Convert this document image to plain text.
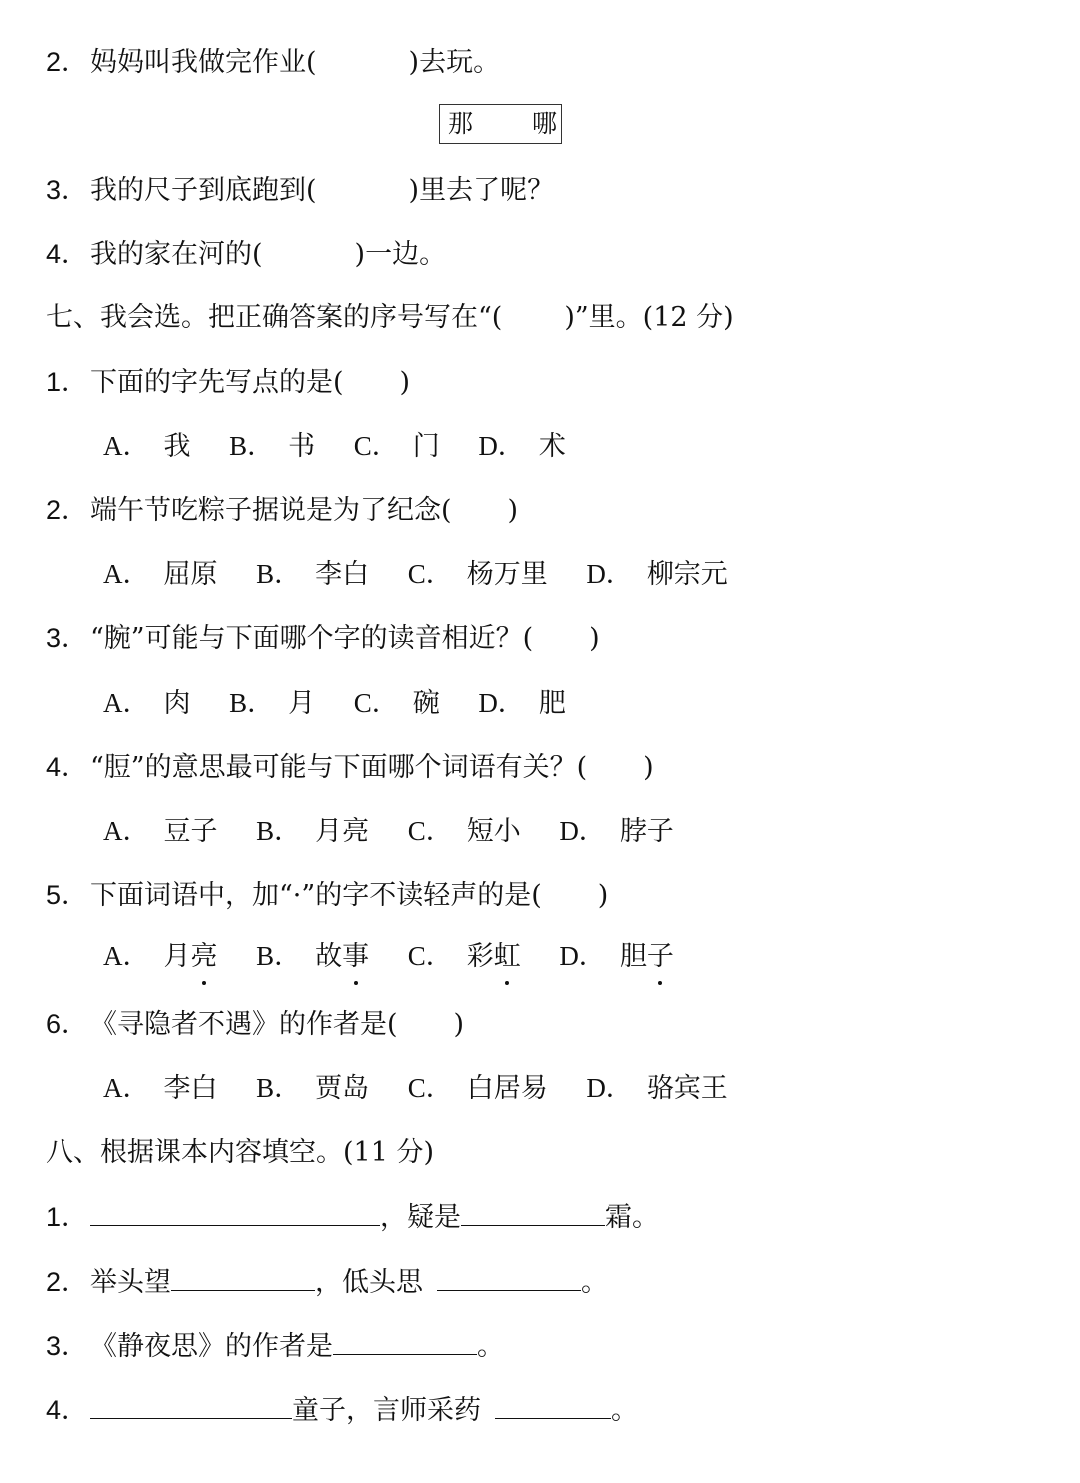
2．妈妈叫我做完作业(	)去玩。
那 哪
3．我的尺子到底跑到(	)里去了呢？
4．我的家在河的(	)一边。
七、我会选。把正确答案的序号写在“( )”里。(12 分)
1．下面的字先写点的是( )
A． 我 B． 书 C． 门 D． 术
2．端午节吃粽子据说是为了纪念( )
A． 屈原 B． 李白 C． 杨万里 D． 柳宗元
3．“腕”可能与下面哪个字的读音相近？( )
A． 肉 B． 月 C． 碗 D． 肥
4．“脰”的意思最可能与下面哪个词语有关？( )
A． 豆子 B． 月亮 C． 短小 D． 脖子
5．下面词语中，加“·”的字不读轻声的是( )
A． 月亮 B． 故事 C． 彩虹 D． 胆子
6．《寻隐者不遇》的作者是( )
A． 李白 B． 贾岛 C． 白居易 D． 骆宾王
八、根据课本内容填空。(11 分)
1．	，疑是	霜。
2．举头望	，低头思	。
3．《静夜思》的作者是	。
4．	童子，言师采药	。
